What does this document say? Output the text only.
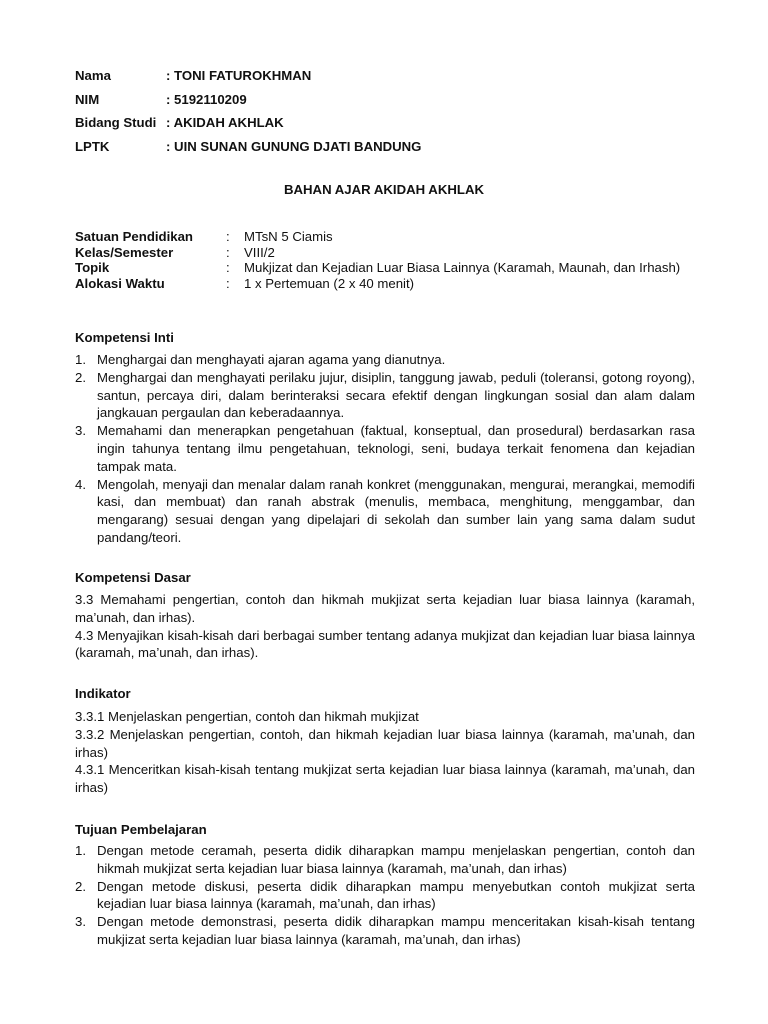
Nama	: TONI FATUROKHMAN
NIM	: 5192110209
Bidang Studi : AKIDAH AKHLAK
LPTK	: UIN SUNAN GUNUNG DJATI BANDUNG
BAHAN AJAR AKIDAH AKHLAK
Satuan Pendidikan	:	MTsN 5 Ciamis
Kelas/Semester	:	VIII/2
Topik	:	Mukjizat dan Kejadian Luar Biasa Lainnya (Karamah, Maunah, dan Irhash)
Alokasi Waktu	:	1 x Pertemuan (2 x 40 menit)
Kompetensi Inti
1. Menghargai dan menghayati ajaran agama yang dianutnya.
2. Menghargai dan menghayati perilaku jujur, disiplin, tanggung jawab, peduli (toleransi, gotong royong), santun, percaya diri, dalam berinteraksi secara efektif dengan lingkungan sosial dan alam dalam jangkauan pergaulan dan keberadaannya.
3. Memahami dan menerapkan pengetahuan (faktual, konseptual, dan prosedural) berdasarkan rasa ingin tahunya tentang ilmu pengetahuan, teknologi, seni, budaya terkait fenomena dan kejadian tampak mata.
4. Mengolah, menyaji dan menalar dalam ranah konkret (menggunakan, mengurai, merangkai, memodifi kasi, dan membuat) dan ranah abstrak (menulis, membaca, menghitung, menggambar, dan mengarang) sesuai dengan yang dipelajari di sekolah dan sumber lain yang sama dalam sudut pandang/teori.
Kompetensi Dasar

3.3 Memahami pengertian, contoh dan hikmah mukjizat serta kejadian luar biasa lainnya (karamah, ma’unah, dan irhas).

4.3 Menyajikan kisah-kisah dari berbagai sumber tentang adanya mukjizat dan kejadian luar biasa lainnya (karamah, ma’unah, dan irhas).

Indikator

3.3.1 Menjelaskan pengertian, contoh dan hikmah mukjizat

3.3.2 Menjelaskan pengertian, contoh, dan hikmah kejadian luar biasa lainnya (karamah, ma’unah, dan irhas)

4.3.1 Menceritkan kisah-kisah tentang mukjizat serta kejadian luar biasa lainnya (karamah, ma’unah, dan irhas)

Tujuan Pembelajaran
1. Dengan metode ceramah, peserta didik diharapkan mampu menjelaskan pengertian, contoh dan hikmah mukjizat serta kejadian luar biasa lainnya (karamah, ma’unah, dan irhas)
2. Dengan metode diskusi, peserta didik diharapkan mampu menyebutkan contoh mukjizat serta kejadian luar biasa lainnya (karamah, ma’unah, dan irhas)
3. Dengan metode demonstrasi, peserta didik diharapkan mampu menceritakan kisah-kisah tentang mukjizat serta kejadian luar biasa lainnya (karamah, ma’unah, dan irhas)
